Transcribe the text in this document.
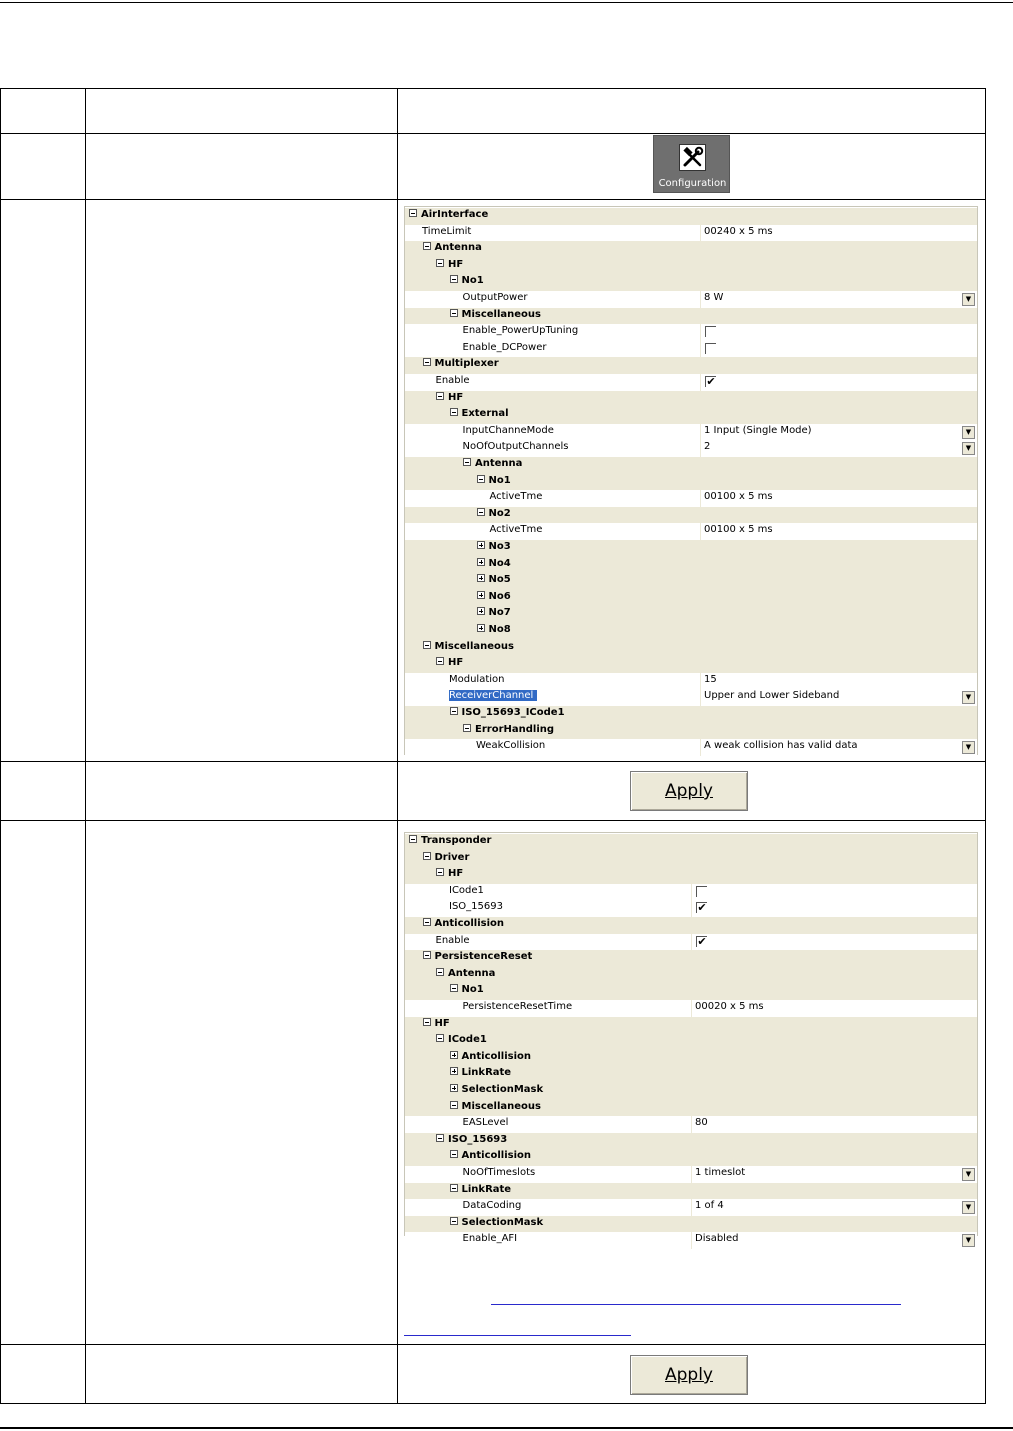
Configuration
AirInterface
TimeLimit	00240 x 5 ms
Antenna
HF
No1
OutputPower	8 W	▼
Miscellaneous
Enable_PowerUpTuning
Enable_DCPower
Multiplexer
Enable	✔
HF
External
InputChanneMode	1 Input (Single Mode)	▼
NoOfOutputChannels	2	▼
Antenna
No1
ActiveTme	00100 x 5 ms
No2
ActiveTme	00100 x 5 ms
No3
No4
No5
No6
No7
No8
Miscellaneous
HF
Modulation	15
ReceiverChannel	Upper and Lower Sideband	▼
ISO_15693_ICode1
ErrorHandling
WeakCollision	A weak collision has valid data	▼
Apply
Transponder
Driver
HF
ICode1
ISO_15693	✔
Anticollision
Enable	✔
PersistenceReset
Antenna
No1
PersistenceResetTime	00020 x 5 ms
HF
ICode1
Anticollision
LinkRate
SelectionMask
Miscellaneous
EASLevel	80
ISO_15693
Anticollision
NoOfTimeslots	1 timeslot	▼
LinkRate
DataCoding	1 of 4	▼
SelectionMask
Enable_AFI	Disabled	▼
Apply
